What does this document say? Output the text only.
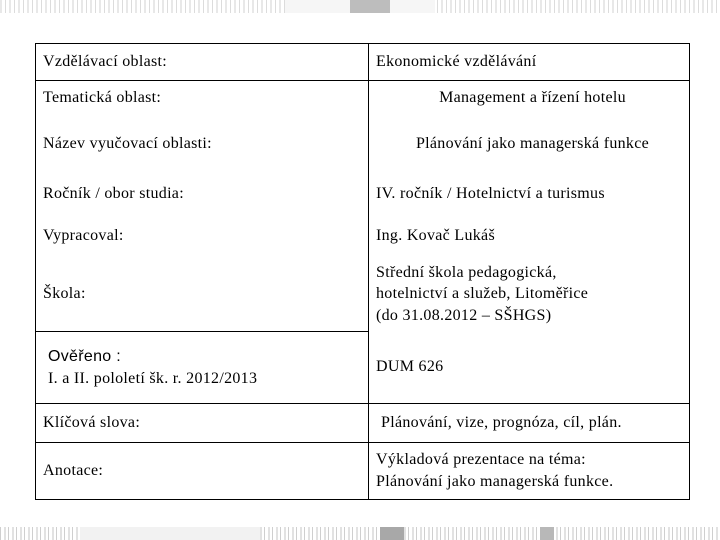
Vzdělávací oblast:	Ekonomické vzdělávání
Tematická oblast:	Management a řízení hotelu
Název vyučovací oblasti:	Plánování jako managerská funkce
Ročník / obor studia:	IV. ročník / Hotelnictví a turismus
Vypracoval:	Ing. Kovač Lukáš
Škola:	Střední škola pedagogická,
hotelnictví a služeb, Litoměřice
(do 31.08.2012 – SŠHGS)

Ověřeno :
I. a II. pololetí šk. r. 2012/2013	DUM 626
Klíčová slova:	Plánování, vize, prognóza, cíl, plán.
Anotace:	Výkladová prezentace na téma:
Plánování jako managerská funkce.
